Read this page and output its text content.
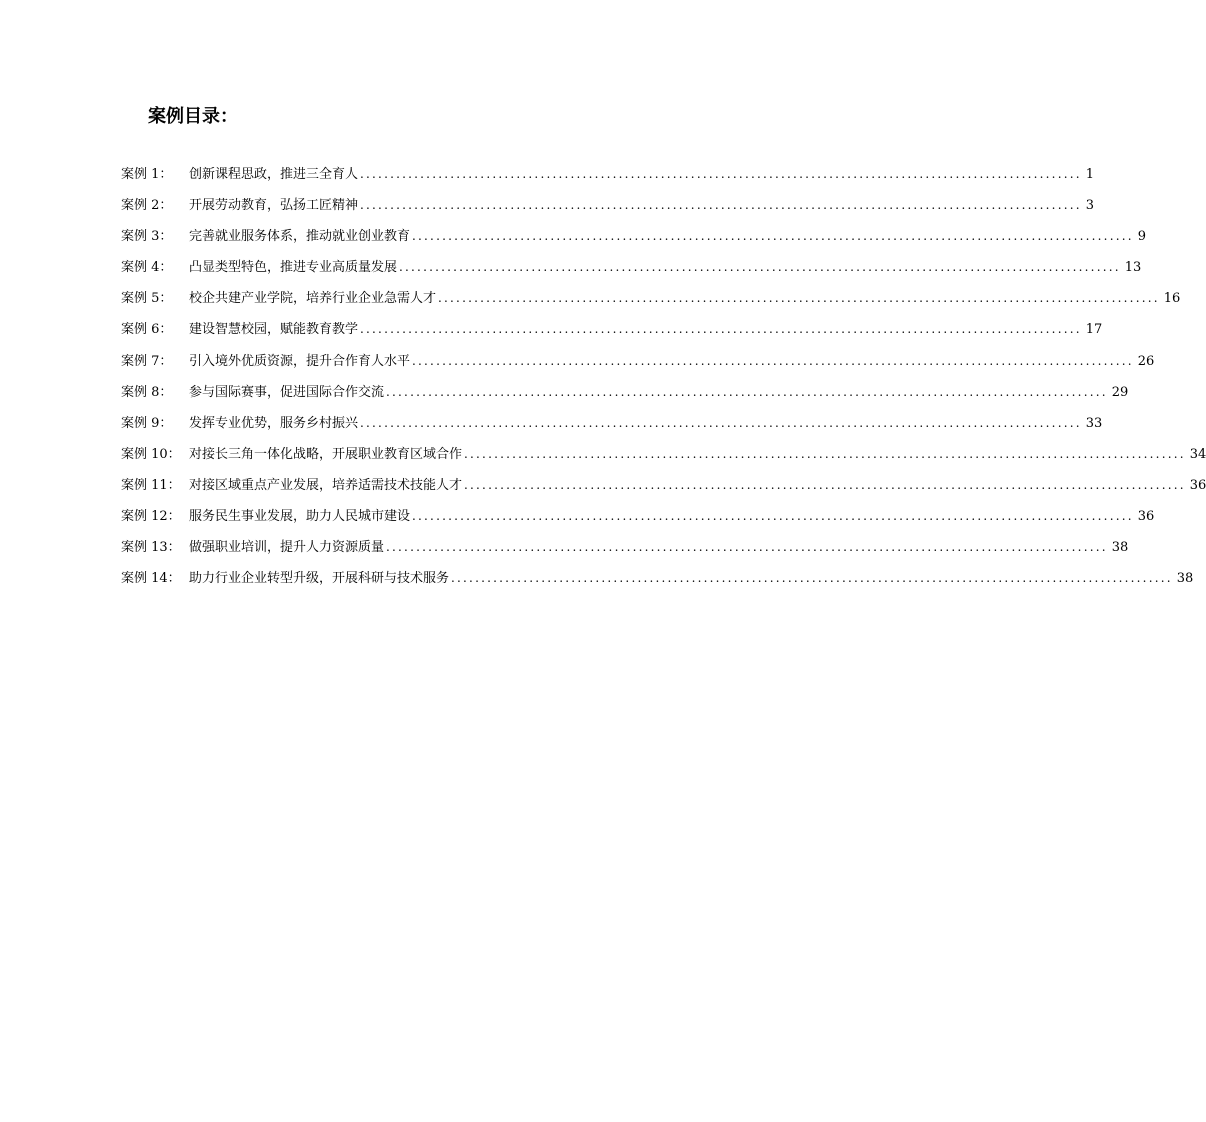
案例目录：
案例 1：	创新课程思政，推进三全育人 .....	1
案例 2：	开展劳动教育，弘扬工匠精神 .....	3
案例 3：	完善就业服务体系，推动就业创业教育 .....	9
案例 4：	凸显类型特色，推进专业高质量发展 .....	13
案例 5：	校企共建产业学院，培养行业企业急需人才 .....	16
案例 6：	建设智慧校园，赋能教育教学 .....	17
案例 7：	引入境外优质资源，提升合作育人水平 .....	26
案例 8：	参与国际赛事，促进国际合作交流 .....	29
案例 9：	发挥专业优势，服务乡村振兴 .....	33
案例 10： 对接长三角一体化战略，开展职业教育区域合作 .....	34
案例 11： 对接区域重点产业发展，培养适需技术技能人才 .....	36
案例 12： 服务民生事业发展，助力人民城市建设 .....	36
案例 13： 做强职业培训，提升人力资源质量 .....	38
案例 14： 助力行业企业转型升级，开展科研与技术服务 .....	38
